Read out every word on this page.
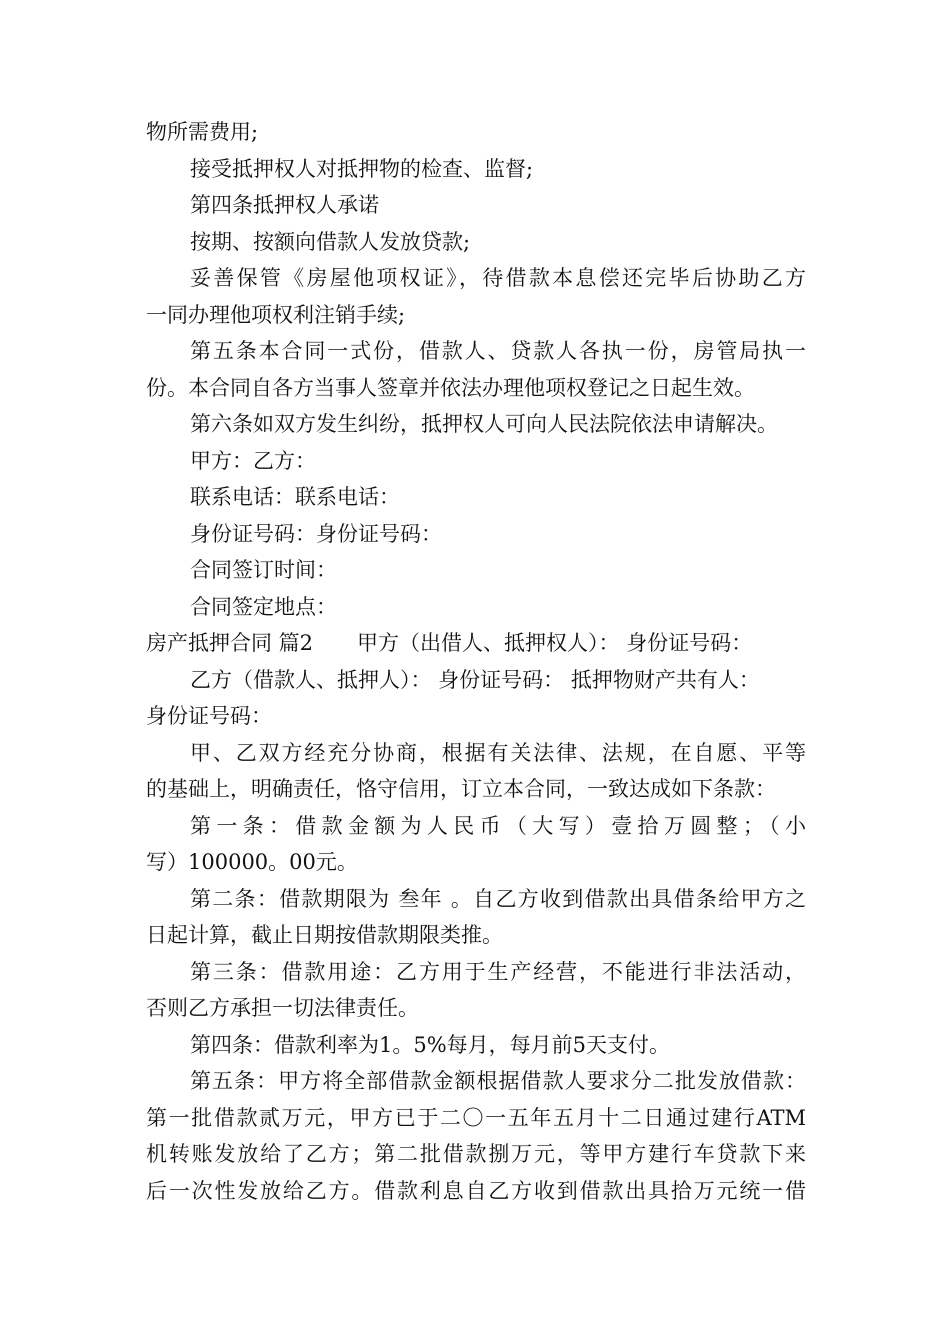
物所需费用;
接受抵押权人对抵押物的检查、监督;
第四条抵押权人承诺
按期、按额向借款人发放贷款;
妥善保管《房屋他项权证》，待借款本息偿还完毕后协助乙方
一同办理他项权利注销手续;
第五条本合同一式份，借款人、贷款人各执一份，房管局执一
份。本合同自各方当事人签章并依法办理他项权登记之日起生效。
第六条如双方发生纠纷，抵押权人可向人民法院依法申请解决。
甲方：乙方：
联系电话：联系电话：
身份证号码：身份证号码：
合同签订时间：
合同签定地点：
房产抵押合同 篇2 甲方（出借人、抵押权人）： 身份证号码：
乙方（借款人、抵押人）： 身份证号码： 抵押物财产共有人：
身份证号码：
甲、乙双方经充分协商，根据有关法律、法规，在自愿、平等
的基础上，明确责任，恪守信用，订立本合同，一致达成如下条款：
第一条：借款金额为人民币（大写）壹拾万圆整；（小
写）100000。00元。
第二条：借款期限为 叁年 。自乙方收到借款出具借条给甲方之
日起计算，截止日期按借款期限类推。
第三条：借款用途：乙方用于生产经营，不能进行非法活动，
否则乙方承担一切法律责任。
第四条：借款利率为1。5%每月，每月前5天支付。
第五条：甲方将全部借款金额根据借款人要求分二批发放借款：
第一批借款贰万元，甲方已于二〇一五年五月十二日通过建行ATM
机转账发放给了乙方；第二批借款捌万元，等甲方建行车贷款下来
后一次性发放给乙方。借款利息自乙方收到借款出具拾万元统一借
